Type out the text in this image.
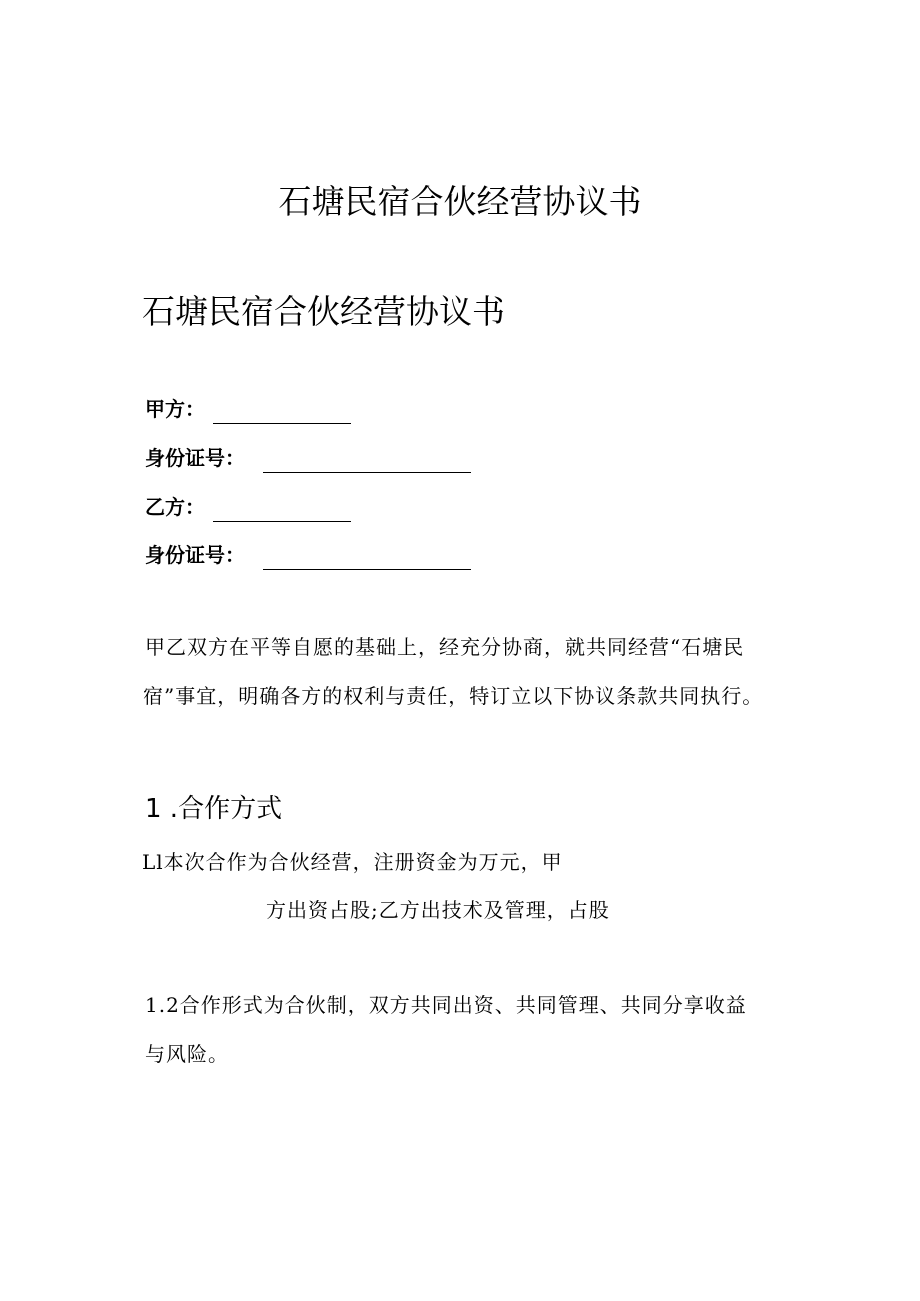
石塘民宿合伙经营协议书
石塘民宿合伙经营协议书
甲方：
身份证号：
乙方：
身份证号：

甲乙双方在平等自愿的基础上，经充分协商，就共同经营“石塘民
宿”事宜，明确各方的权利与责任，特订立以下协议条款共同执行。

1 .合作方式

Ll本次合作为合伙经营，注册资金为万元，甲

方出资占股;乙方出技术及管理，占股

1.2合作形式为合伙制，双方共同出资、共同管理、共同分享收益
与风险。
